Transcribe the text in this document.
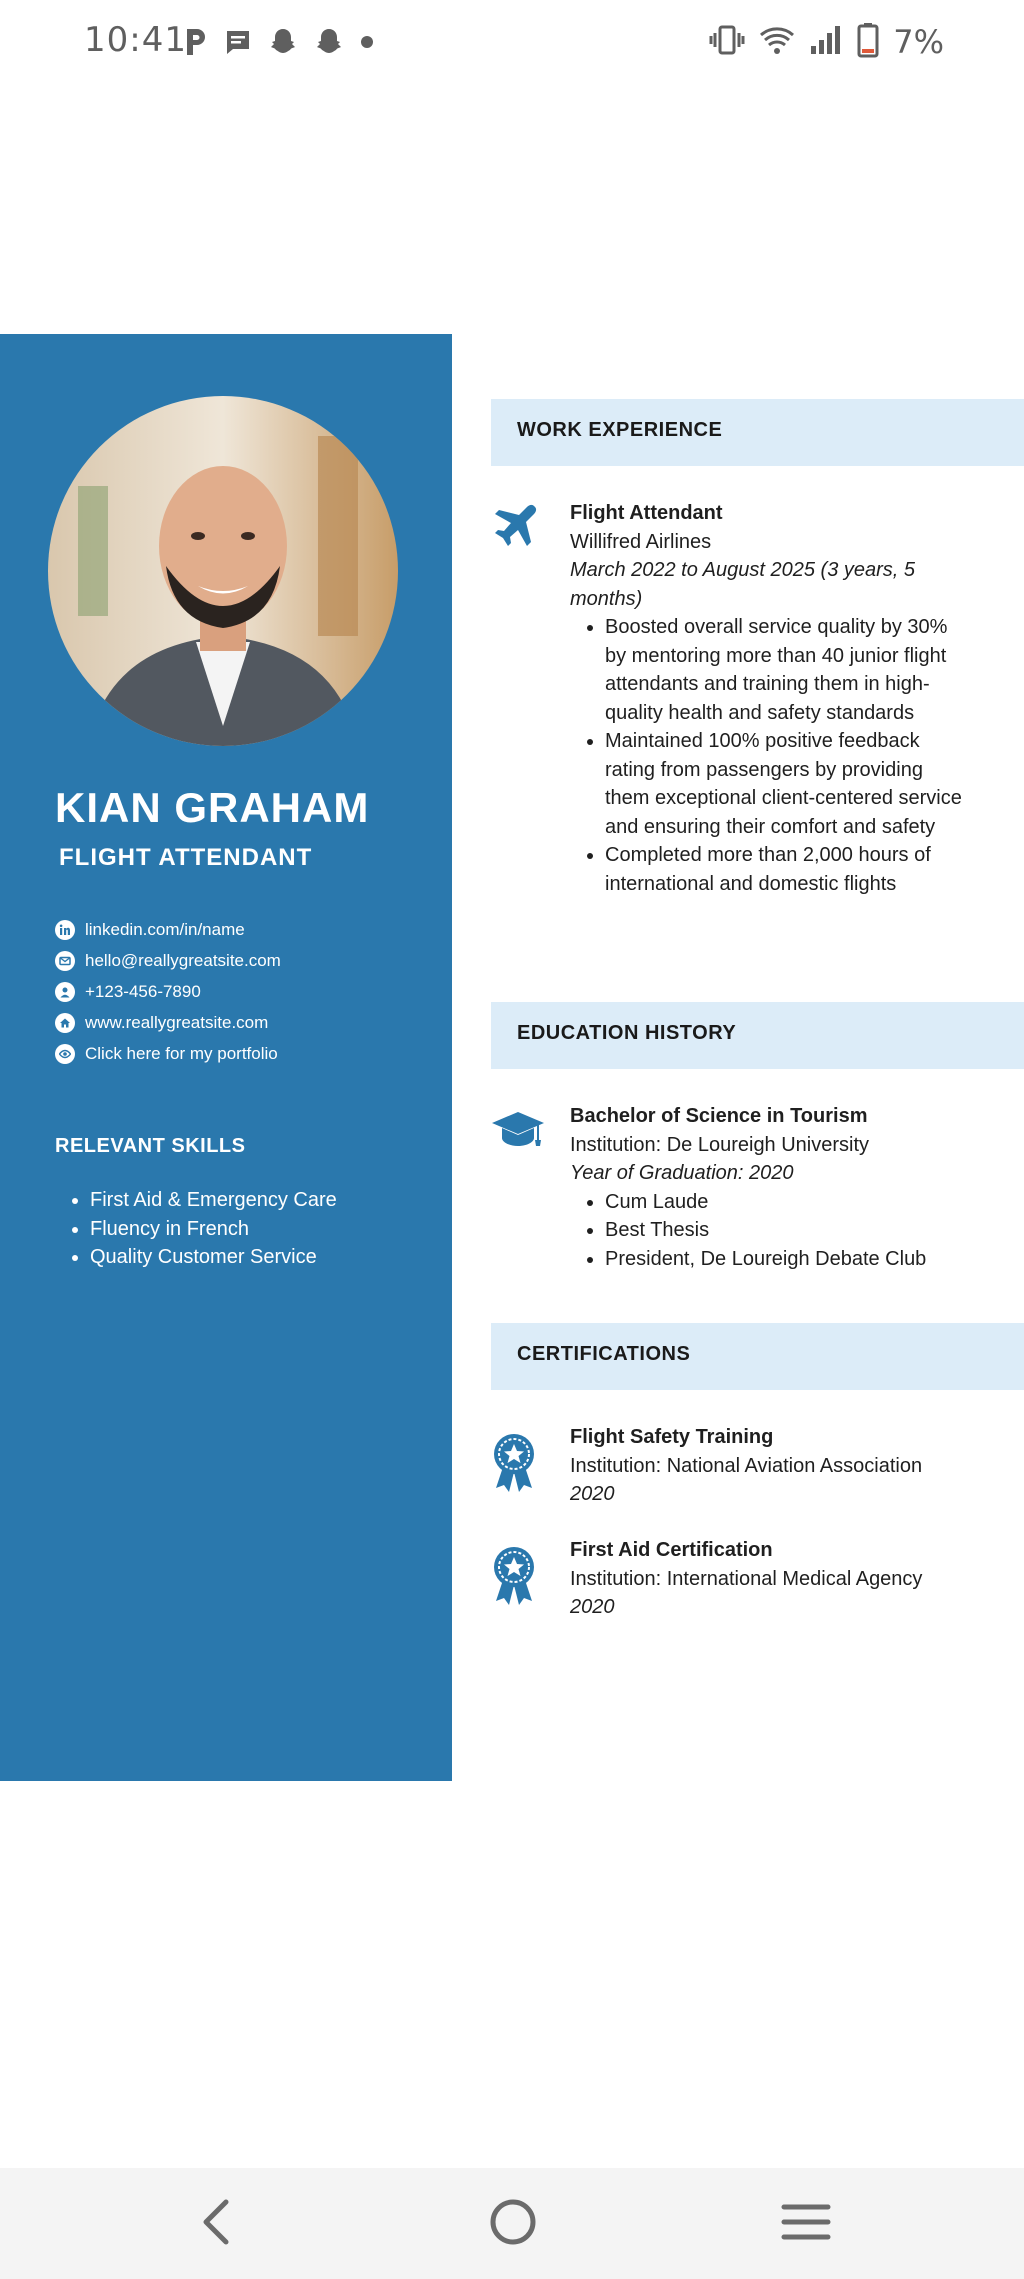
10:41	7%
KIAN GRAHAM
FLIGHT ATTENDANT
linkedin.com/in/name
hello@reallygreatsite.com
+123-456-7890
www.reallygreatsite.com
Click here for my portfolio
RELEVANT SKILLS
• First Aid & Emergency Care
• Fluency in French
• Quality Customer Service
WORK EXPERIENCE
Flight Attendant
Willifred Airlines
March 2022 to August 2025 (3 years, 5 months)
• Boosted overall service quality by 30% by mentoring more than 40 junior flight attendants and training them in high-quality health and safety standards
• Maintained 100% positive feedback rating from passengers by providing them exceptional client-centered service and ensuring their comfort and safety
• Completed more than 2,000 hours of international and domestic flights
EDUCATION HISTORY
Bachelor of Science in Tourism
Institution: De Loureigh University
Year of Graduation: 2020
• Cum Laude
• Best Thesis
• President, De Loureigh Debate Club
CERTIFICATIONS
Flight Safety Training
Institution: National Aviation Association
2020
First Aid Certification
Institution: International Medical Agency
2020
